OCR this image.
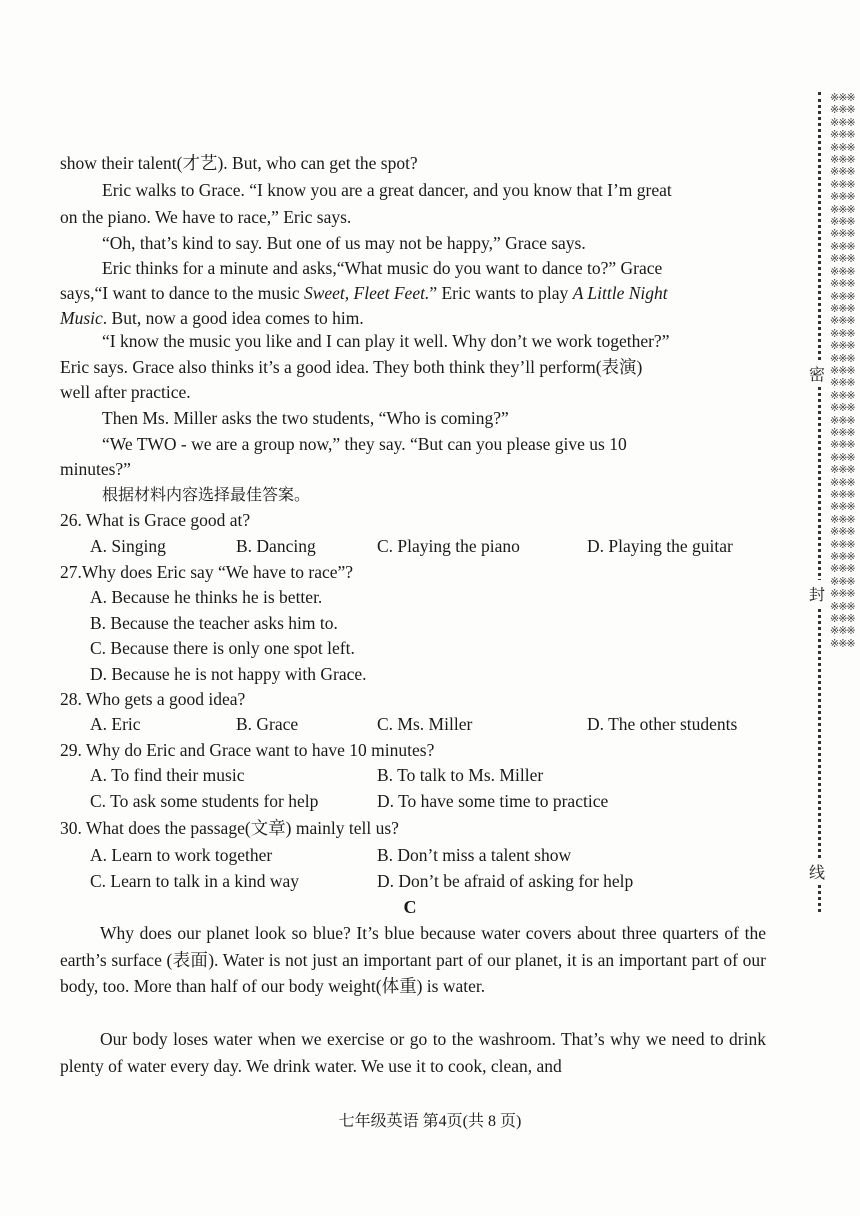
show their talent(才艺). But, who can get the spot?
Eric walks to Grace. “I know you are a great dancer, and you know that I’m great
on the piano. We have to race,” Eric says.
“Oh, that’s kind to say. But one of us may not be happy,” Grace says.
Eric thinks for a minute and asks,“What music do you want to dance to?” Grace
says,“I want to dance to the music Sweet, Fleet Feet.” Eric wants to play A Little Night
Music. But, now a good idea comes to him.
“I know the music you like and I can play it well. Why don’t we work together?”
Eric says. Grace also thinks it’s a good idea. They both think they’ll perform(表演)
well after practice.
Then Ms. Miller asks the two students, “Who is coming?”
“We TWO - we are a group now,” they say. “But can you please give us 10
minutes?”
根据材料内容选择最佳答案。
26. What is Grace good at?
A. Singing	B. Dancing	C. Playing the piano	D. Playing the guitar
27.Why does Eric say “We have to race”?
A. Because he thinks he is better.
B. Because the teacher asks him to.
C. Because there is only one spot left.
D. Because he is not happy with Grace.
28. Who gets a good idea?
A. Eric	B. Grace	C. Ms. Miller	D. The other students
29. Why do Eric and Grace want to have 10 minutes?
A. To find their music	B. To talk to Ms. Miller
C. To ask some students for help	D. To have some time to practice
30. What does the passage(文章) mainly tell us?
A. Learn to work together	B. Don’t miss a talent show
C. Learn to talk in a kind way	D. Don’t be afraid of asking for help
C
Why does our planet look so blue? It’s blue because water covers about three quarters of the earth’s surface (表面). Water is not just an important part of our planet, it is an important part of our body, too. More than half of our body weight(体重) is water.
Our body loses water when we exercise or go to the washroom. That’s why we need to drink plenty of water every day. We drink water. We use it to cook, clean, and
七年级英语 第4页(共 8 页)
※※※※※※※※※※※※※※※※※※※※※※※※※※※※※※※※※※※※※※※※※※※※※※※※※※※※※※※※※※※※※※※※※※※※※※※※※※※※※※※※※※※※※※※※※※※※※※※※※※※※※※※※※※※※※※※※※※※※※※※※※※※※※※※※※※※※※※※
密
封
线
